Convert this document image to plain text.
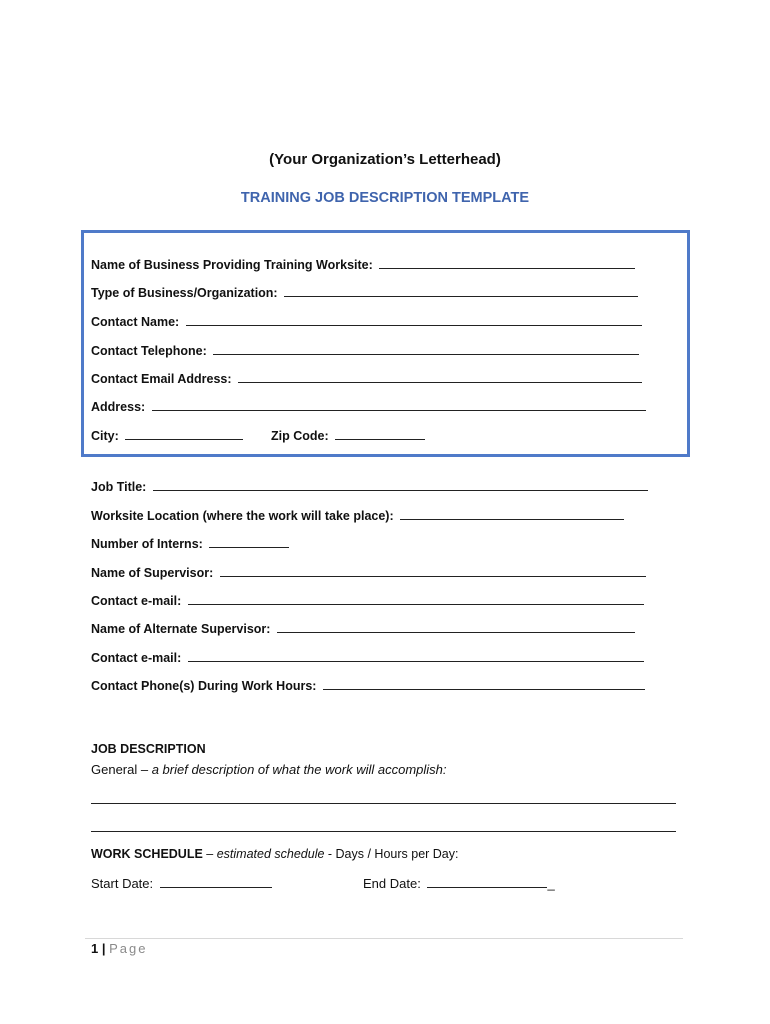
(Your Organization’s Letterhead)
TRAINING JOB DESCRIPTION TEMPLATE
Name of Business Providing Training Worksite:
Type of Business/Organization:
Contact Name:
Contact Telephone:
Contact Email Address:
Address:
City:	Zip Code:
Job Title:
Worksite Location (where the work will take place):
Number of Interns:
Name of Supervisor:
Contact e-mail:
Name of Alternate Supervisor:
Contact e-mail:
Contact Phone(s) During Work Hours:
JOB DESCRIPTION
General – a brief description of what the work will accomplish:
WORK SCHEDULE – estimated schedule - Days / Hours per Day:
Start Date:	End Date:	_
1 | Page
